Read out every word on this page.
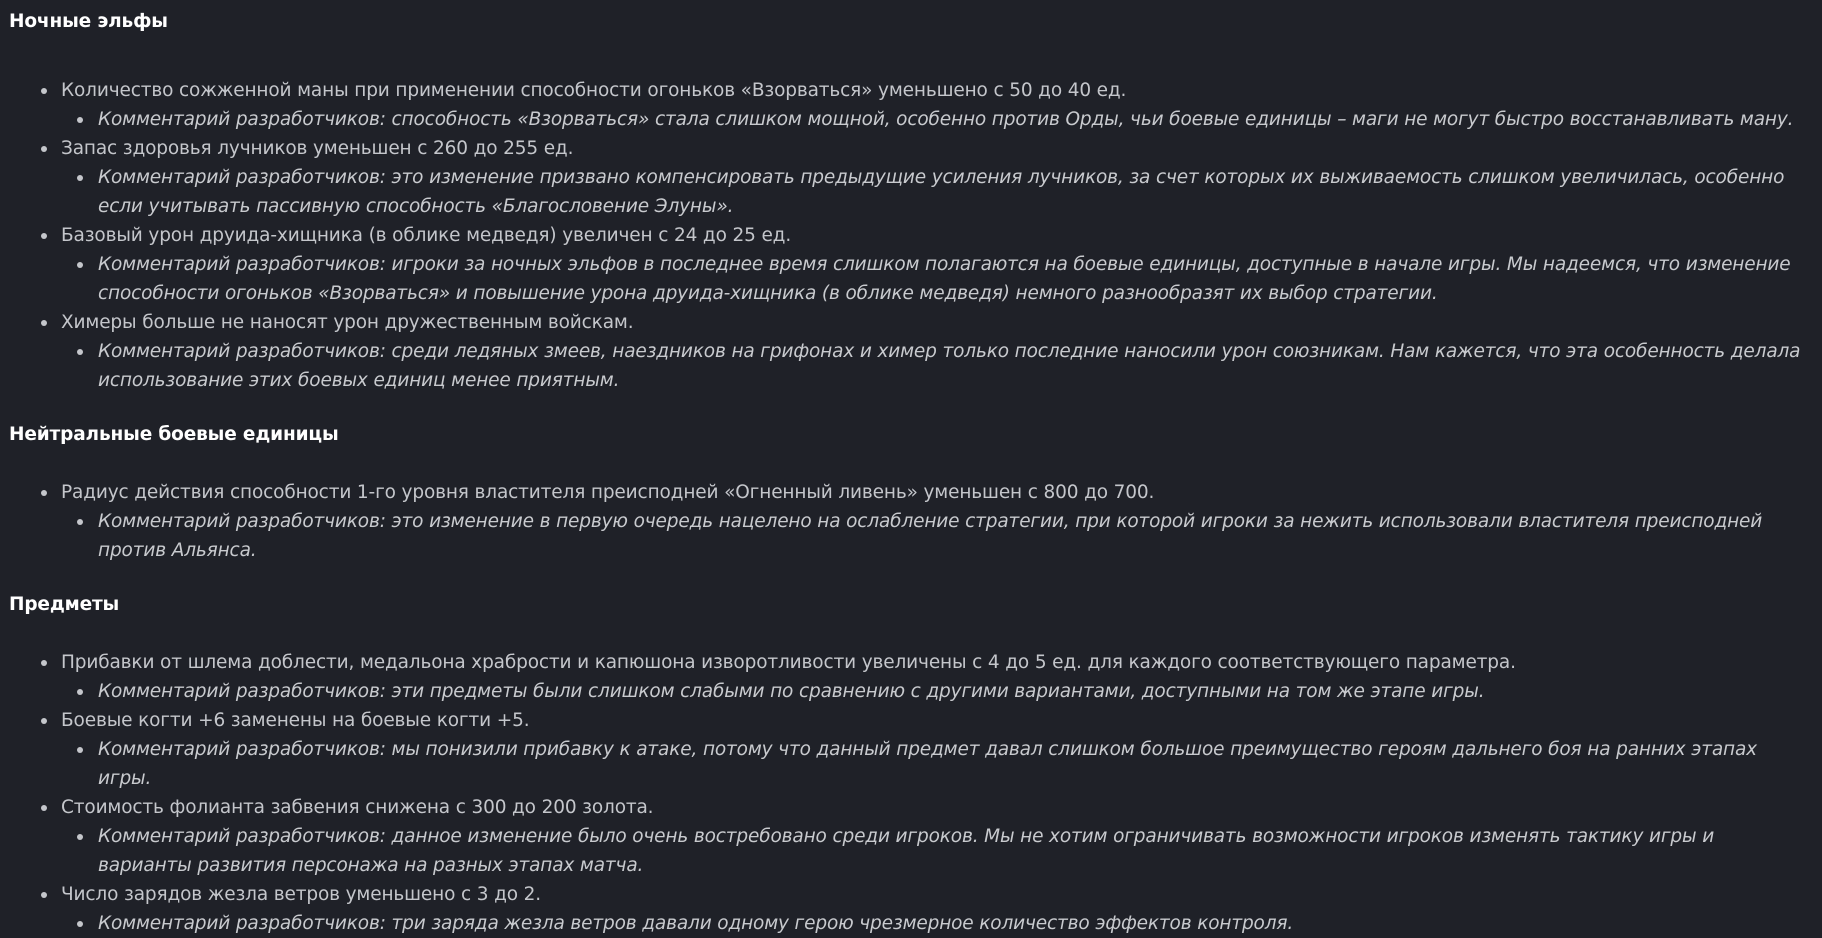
Ночные эльфы
Количество сожженной маны при применении способности огоньков «Взорваться» уменьшено с 50 до 40 ед.
Комментарий разработчиков: способность «Взорваться» стала слишком мощной, особенно против Орды, чьи боевые единицы – маги не могут быстро восстанавливать ману.
Запас здоровья лучников уменьшен с 260 до 255 ед.
Комментарий разработчиков: это изменение призвано компенсировать предыдущие усиления лучников, за счет которых их выживаемость слишком увеличилась, особенно если учитывать пассивную способность «Благословение Элуны».
Базовый урон друида-хищника (в облике медведя) увеличен с 24 до 25 ед.
Комментарий разработчиков: игроки за ночных эльфов в последнее время слишком полагаются на боевые единицы, доступные в начале игры. Мы надеемся, что изменение способности огоньков «Взорваться» и повышение урона друида-хищника (в облике медведя) немного разнообразят их выбор стратегии.
Химеры больше не наносят урон дружественным войскам.
Комментарий разработчиков: среди ледяных змеев, наездников на грифонах и химер только последние наносили урон союзникам. Нам кажется, что эта особенность делала использование этих боевых единиц менее приятным.
Нейтральные боевые единицы
Радиус действия способности 1-го уровня властителя преисподней «Огненный ливень» уменьшен с 800 до 700.
Комментарий разработчиков: это изменение в первую очередь нацелено на ослабление стратегии, при которой игроки за нежить использовали властителя преисподней против Альянса.
Предметы
Прибавки от шлема доблести, медальона храбрости и капюшона изворотливости увеличены с 4 до 5 ед. для каждого соответствующего параметра.
Комментарий разработчиков: эти предметы были слишком слабыми по сравнению с другими вариантами, доступными на том же этапе игры.
Боевые когти +6 заменены на боевые когти +5.
Комментарий разработчиков: мы понизили прибавку к атаке, потому что данный предмет давал слишком большое преимущество героям дальнего боя на ранних этапах игры.
Стоимость фолианта забвения снижена с 300 до 200 золота.
Комментарий разработчиков: данное изменение было очень востребовано среди игроков. Мы не хотим ограничивать возможности игроков изменять тактику игры и варианты развития персонажа на разных этапах матча.
Число зарядов жезла ветров уменьшено с 3 до 2.
Комментарий разработчиков: три заряда жезла ветров давали одному герою чрезмерное количество эффектов контроля.
